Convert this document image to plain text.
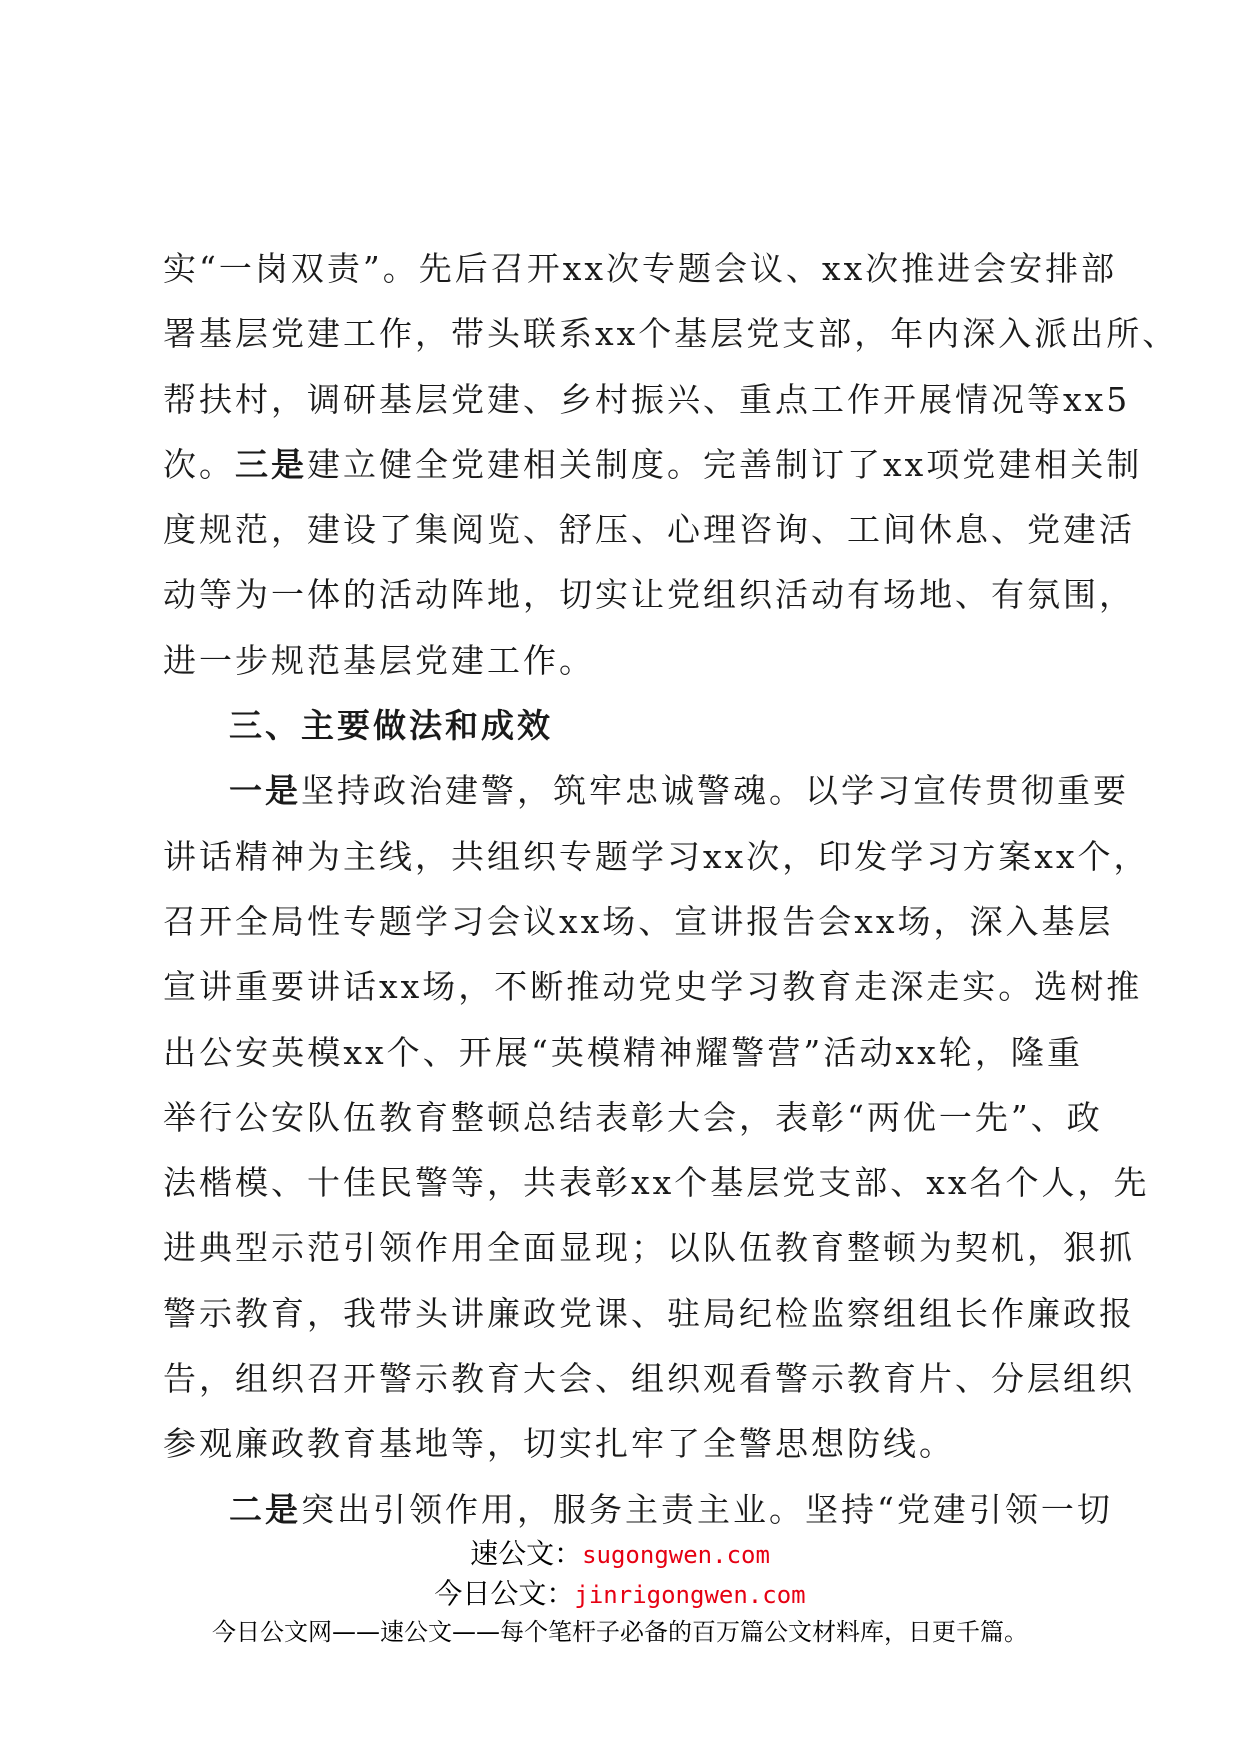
实“一岗双责”。先后召开xx次专题会议、xx次推进会安排部
署基层党建工作，带头联系xx个基层党支部，年内深入派出所、
帮扶村，调研基层党建、乡村振兴、重点工作开展情况等xx5
次。三是建立健全党建相关制度。完善制订了xx项党建相关制
度规范，建设了集阅览、舒压、心理咨询、工间休息、党建活
动等为一体的活动阵地，切实让党组织活动有场地、有氛围，
进一步规范基层党建工作。
三、主要做法和成效
一是坚持政治建警，筑牢忠诚警魂。以学习宣传贯彻重要
讲话精神为主线，共组织专题学习xx次，印发学习方案xx个，
召开全局性专题学习会议xx场、宣讲报告会xx场，深入基层
宣讲重要讲话xx场，不断推动党史学习教育走深走实。选树推
出公安英模xx个、开展“英模精神耀警营”活动xx轮，隆重
举行公安队伍教育整顿总结表彰大会，表彰“两优一先”、政
法楷模、十佳民警等，共表彰xx个基层党支部、xx名个人，先
进典型示范引领作用全面显现；以队伍教育整顿为契机，狠抓
警示教育，我带头讲廉政党课、驻局纪检监察组组长作廉政报
告，组织召开警示教育大会、组织观看警示教育片、分层组织
参观廉政教育基地等，切实扎牢了全警思想防线。
二是突出引领作用，服务主责主业。坚持“党建引领一切
速公文：sugongwen.com
今日公文：jinrigongwen.com
今日公文网——速公文——每个笔杆子必备的百万篇公文材料库，日更千篇。
